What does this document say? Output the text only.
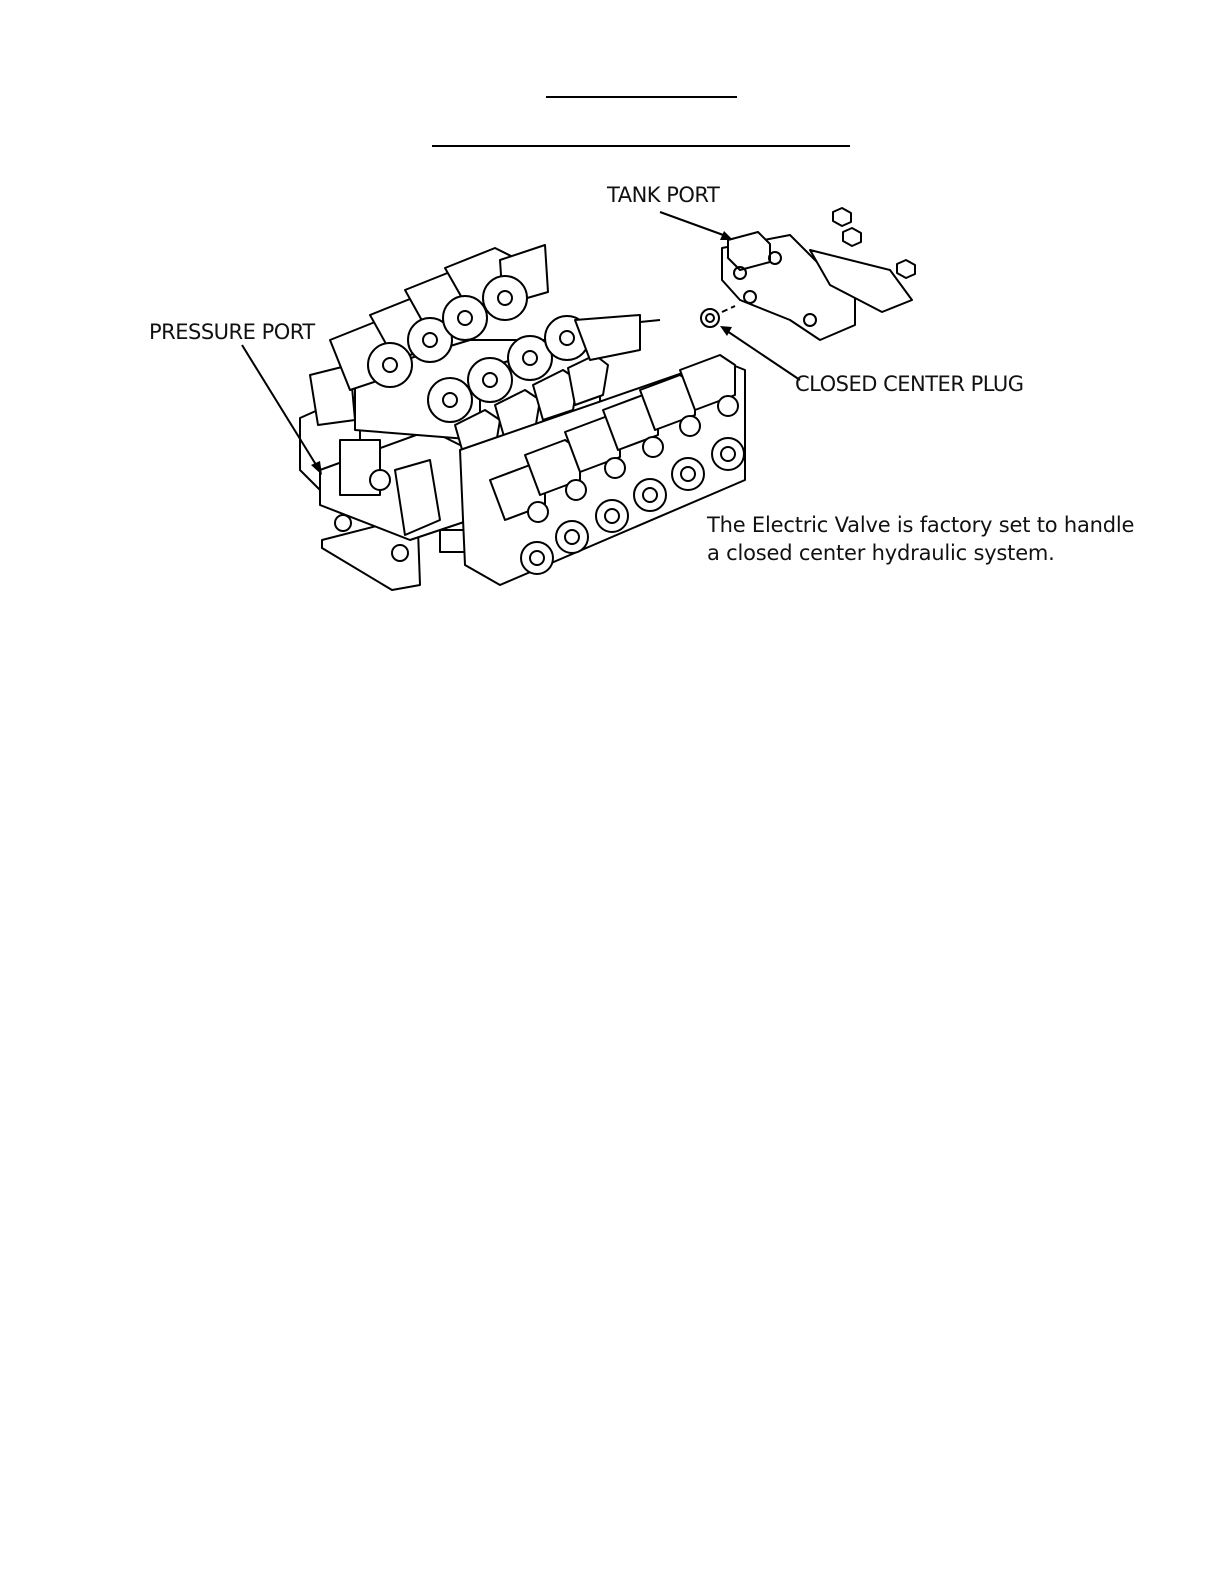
TANK PORT
PRESSURE PORT
CLOSED CENTER PLUG
The Electric Valve is factory set to handle
a closed center hydraulic system.
